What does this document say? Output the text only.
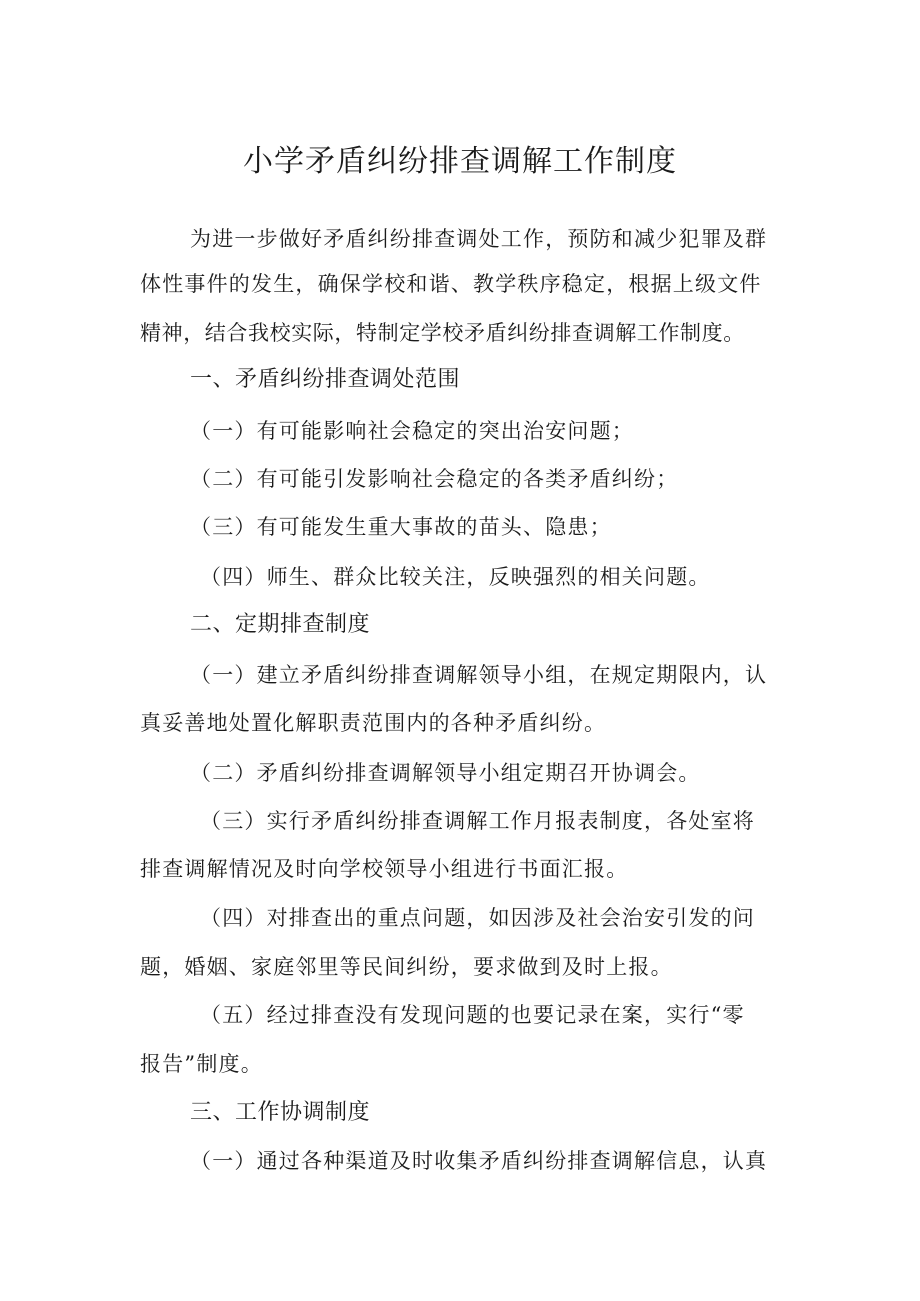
小学矛盾纠纷排查调解工作制度
为进一步做好矛盾纠纷排查调处工作，预防和减少犯罪及群
体性事件的发生，确保学校和谐、教学秩序稳定，根据上级文件
精神，结合我校实际，特制定学校矛盾纠纷排查调解工作制度。
一、矛盾纠纷排查调处范围
（一）有可能影响社会稳定的突出治安问题；
（二）有可能引发影响社会稳定的各类矛盾纠纷；
（三）有可能发生重大事故的苗头、隐患；
（四）师生、群众比较关注，反映强烈的相关问题。
二、定期排查制度
（一）建立矛盾纠纷排查调解领导小组，在规定期限内，认
真妥善地处置化解职责范围内的各种矛盾纠纷。
（二）矛盾纠纷排查调解领导小组定期召开协调会。
（三）实行矛盾纠纷排查调解工作月报表制度，各处室将
排查调解情况及时向学校领导小组进行书面汇报。
（四）对排查出的重点问题，如因涉及社会治安引发的问
题，婚姻、家庭邻里等民间纠纷，要求做到及时上报。
（五）经过排查没有发现问题的也要记录在案，实行“零
报告”制度。
三、工作协调制度
（一）通过各种渠道及时收集矛盾纠纷排查调解信息，认真
